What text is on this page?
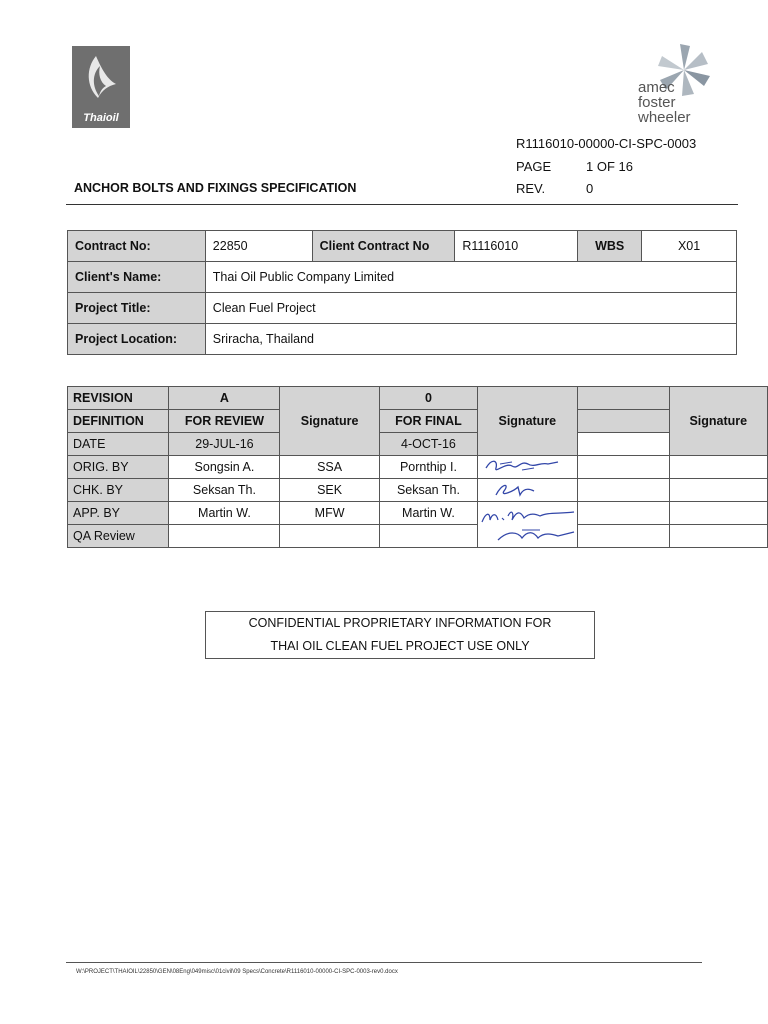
Thaioil
amec
foster
wheeler
R1116010-00000-CI-SPC-0003
PAGE	1 OF 16
REV.	0
ANCHOR BOLTS AND FIXINGS SPECIFICATION
Contract No:	22850	Client Contract No	R1116010	WBS	X01
Client's Name:	Thai Oil Public Company Limited				
Project Title:	Clean Fuel Project				
Project Location:	Sriracha, Thailand				
REVISION	A	Signature	0	Signature		Signature
DEFINITION	FOR REVIEW		FOR FINAL			
DATE	29-JUL-16		4-OCT-16			
ORIG. BY	Songsin A.	SSA	Pornthip I.	

CHK. BY	Seksan Th.	SEK	Seksan Th.	

APP. BY	Martin W.	MFW	Martin W.	

QA Review						
CONFIDENTIAL PROPRIETARY INFORMATION FOR
THAI OIL CLEAN FUEL PROJECT USE ONLY
W:\PROJECT\THAIOIL\22850\GEN\08Eng\049misc\01civil\09 Specs\Concrete\R1116010-00000-CI-SPC-0003-rev0.docx
